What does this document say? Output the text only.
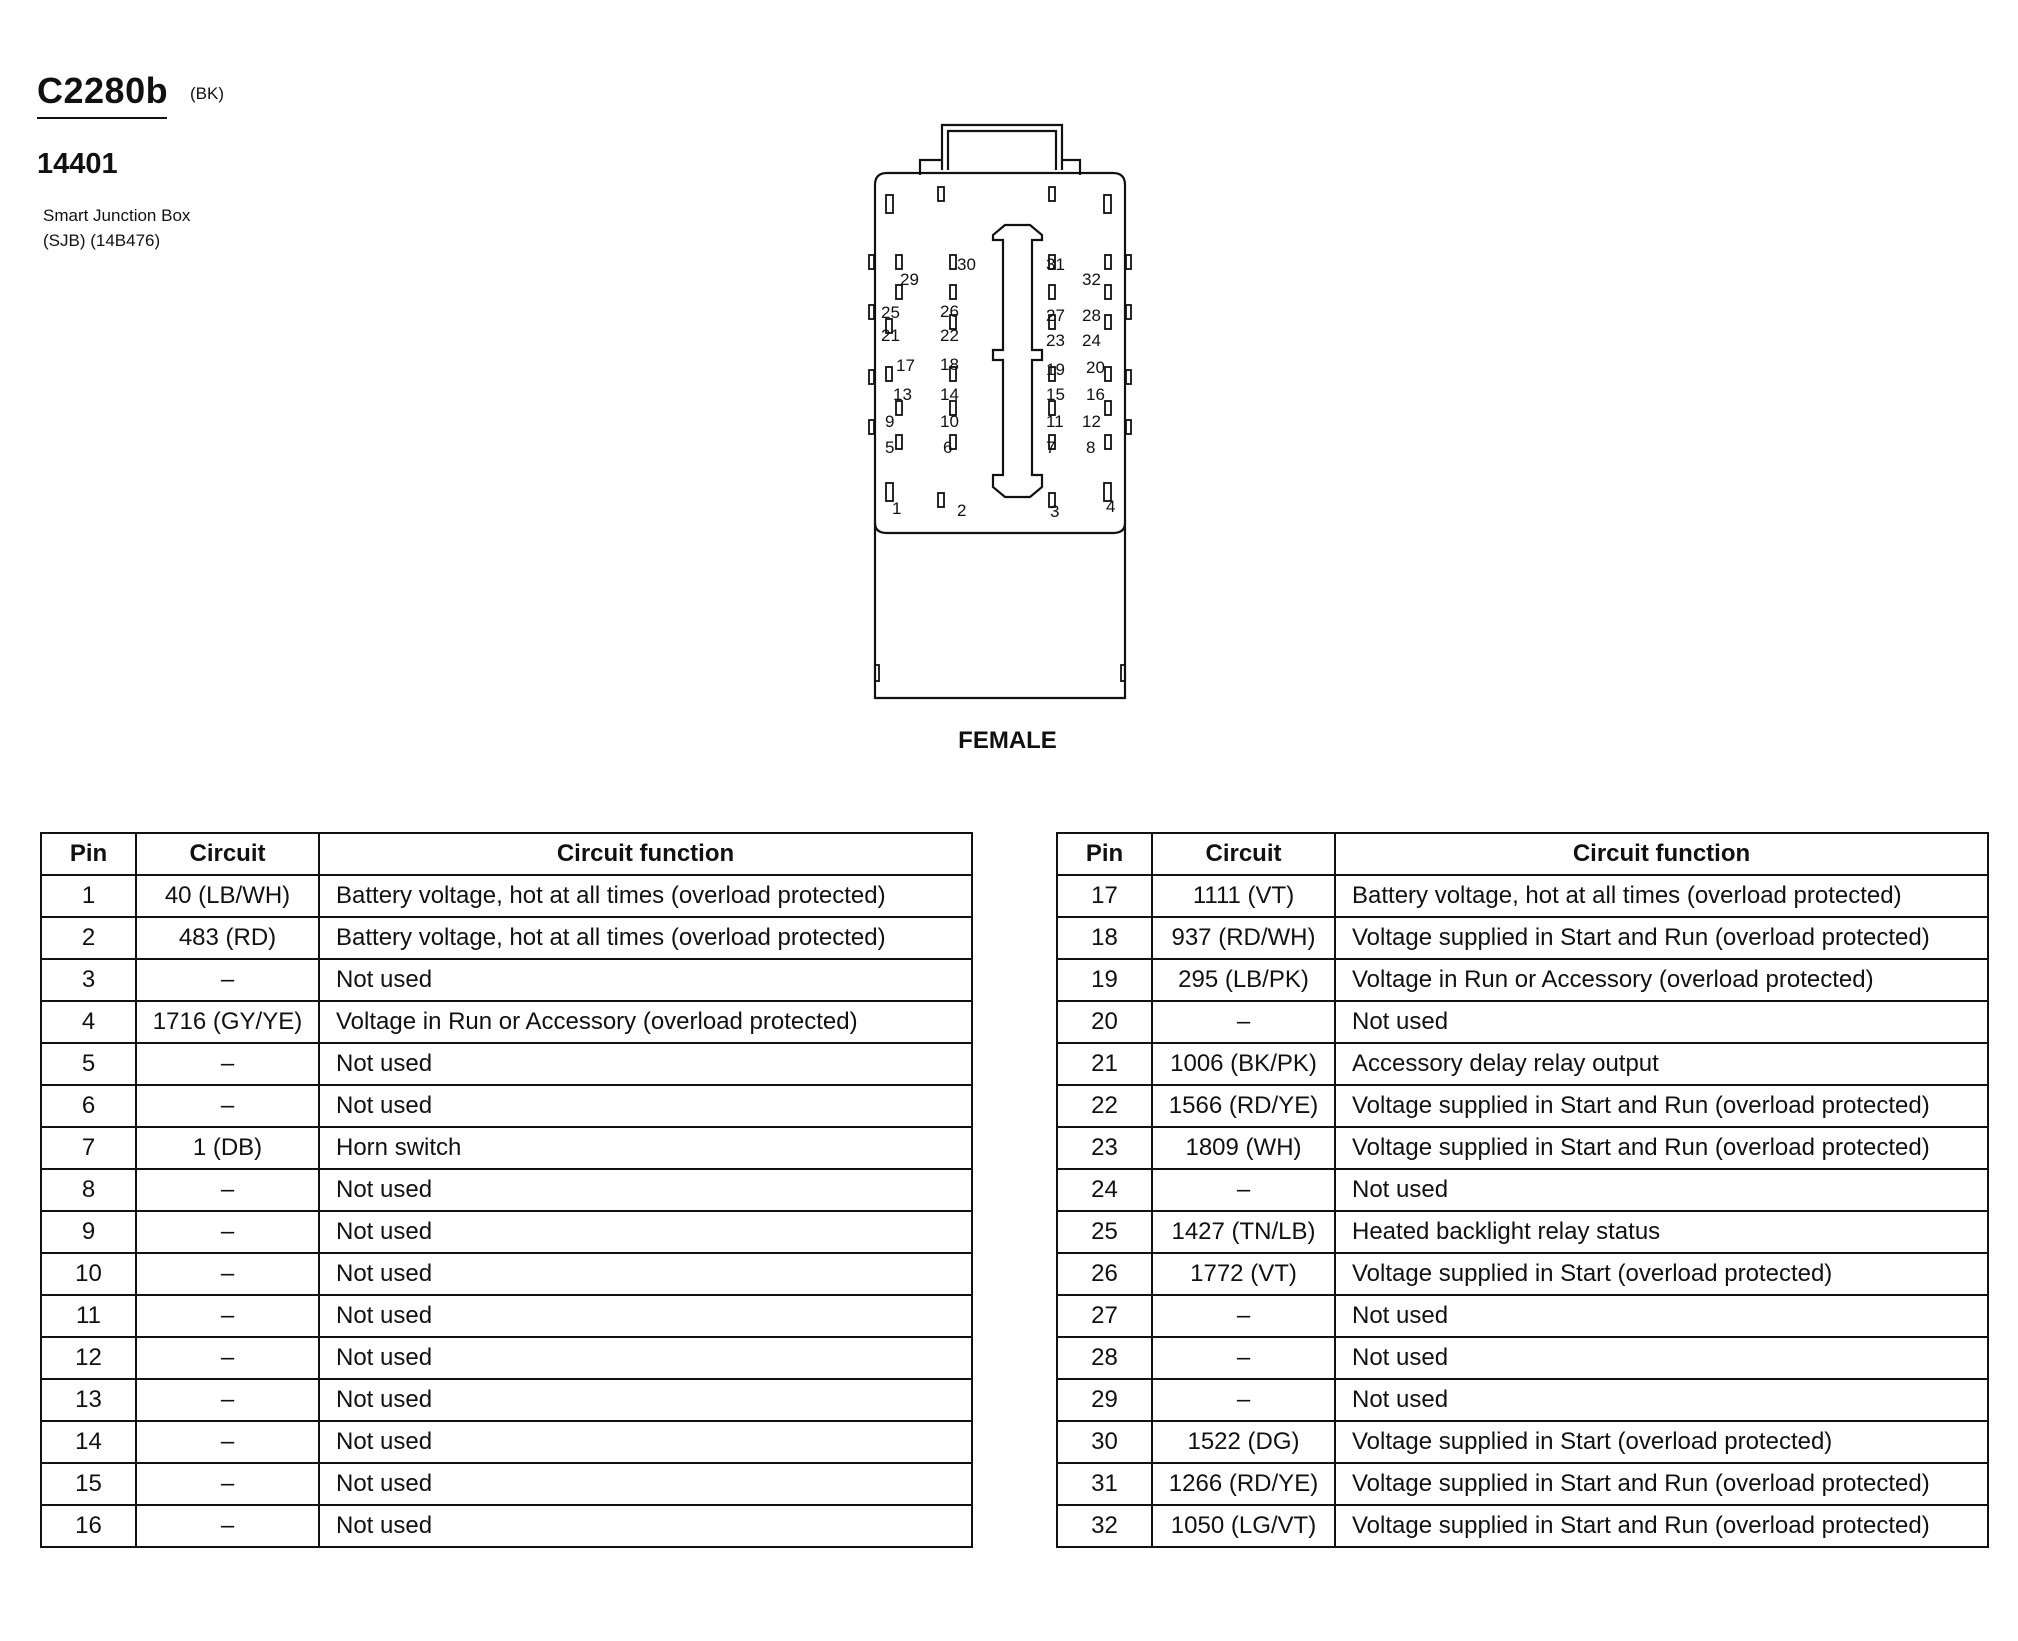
C2280b (BK)
14401
Smart Junction Box
(SJB) (14B476)
1	2	3	4
5	6	7 8
9	10	11 12
13 14	15 16
17 18	19 20
21 22	23 24
25 26	27 28
29
30	31
32
FEMALE
Pin	Circuit	Circuit function
1	40 (LB/WH)	Battery voltage, hot at all times (overload protected)
2	483 (RD)	Battery voltage, hot at all times (overload protected)
3	–	Not used
4	1716 (GY/YE)	Voltage in Run or Accessory (overload protected)
5	–	Not used
6	–	Not used
7	1 (DB)	Horn switch
8	–	Not used
9	–	Not used
10	–	Not used
11	–	Not used
12	–	Not used
13	–	Not used
14	–	Not used
15	–	Not used
16	–	Not used
Pin	Circuit	Circuit function
17	1111 (VT)	Battery voltage, hot at all times (overload protected)
18	937 (RD/WH)	Voltage supplied in Start and Run (overload protected)
19	295 (LB/PK)	Voltage in Run or Accessory (overload protected)
20	–	Not used
21	1006 (BK/PK)	Accessory delay relay output
22	1566 (RD/YE)	Voltage supplied in Start and Run (overload protected)
23	1809 (WH)	Voltage supplied in Start and Run (overload protected)
24	–	Not used
25	1427 (TN/LB)	Heated backlight relay status
26	1772 (VT)	Voltage supplied in Start (overload protected)
27	–	Not used
28	–	Not used
29	–	Not used
30	1522 (DG)	Voltage supplied in Start (overload protected)
31	1266 (RD/YE)	Voltage supplied in Start and Run (overload protected)
32	1050 (LG/VT)	Voltage supplied in Start and Run (overload protected)
